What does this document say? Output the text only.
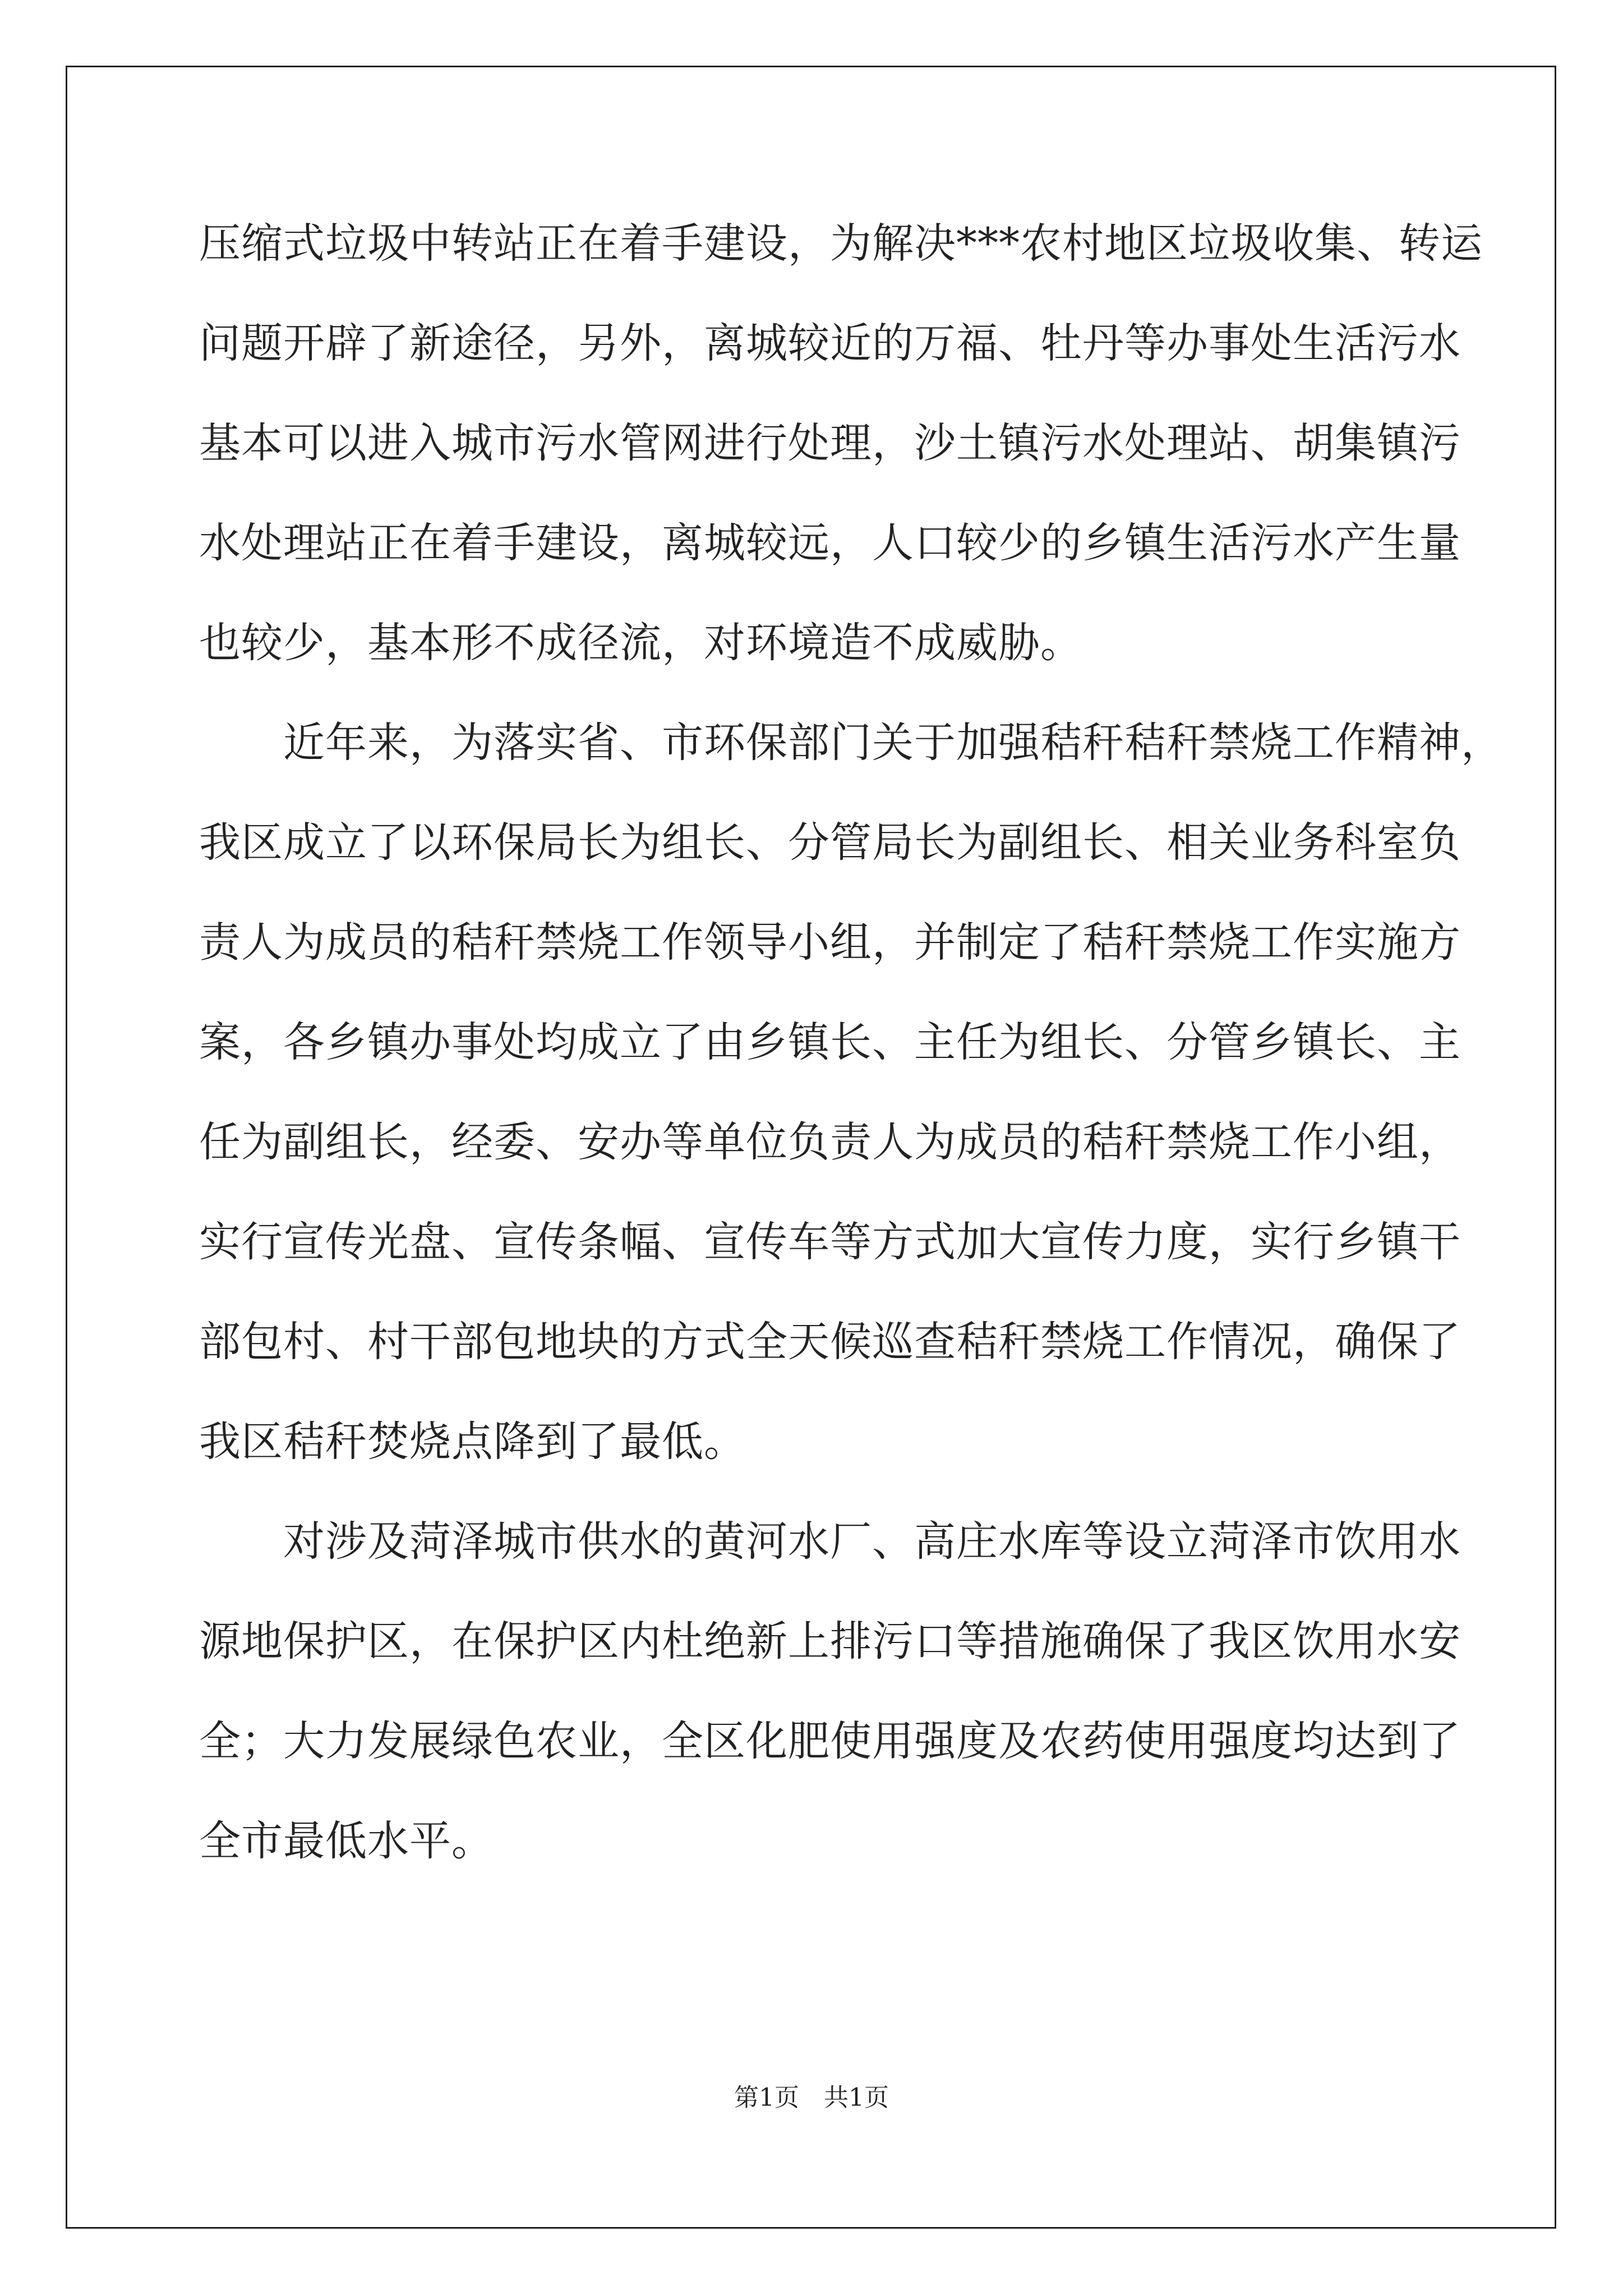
压缩式垃圾中转站正在着手建设，为解决***农村地区垃圾收集、转运
问题开辟了新途径，另外，离城较近的万福、牡丹等办事处生活污水
基本可以进入城市污水管网进行处理，沙土镇污水处理站、胡集镇污
水处理站正在着手建设，离城较远，人口较少的乡镇生活污水产生量
也较少，基本形不成径流，对环境造不成威胁。
　　近年来，为落实省、市环保部门关于加强秸秆秸秆禁烧工作精神，
我区成立了以环保局长为组长、分管局长为副组长、相关业务科室负
责人为成员的秸秆禁烧工作领导小组，并制定了秸秆禁烧工作实施方
案，各乡镇办事处均成立了由乡镇长、主任为组长、分管乡镇长、主
任为副组长，经委、安办等单位负责人为成员的秸秆禁烧工作小组，
实行宣传光盘、宣传条幅、宣传车等方式加大宣传力度，实行乡镇干
部包村、村干部包地块的方式全天候巡查秸秆禁烧工作情况，确保了
我区秸秆焚烧点降到了最低。
　　对涉及菏泽城市供水的黄河水厂、高庄水库等设立菏泽市饮用水
源地保护区，在保护区内杜绝新上排污口等措施确保了我区饮用水安
全；大力发展绿色农业，全区化肥使用强度及农药使用强度均达到了
全市最低水平。
第1页　共1页
